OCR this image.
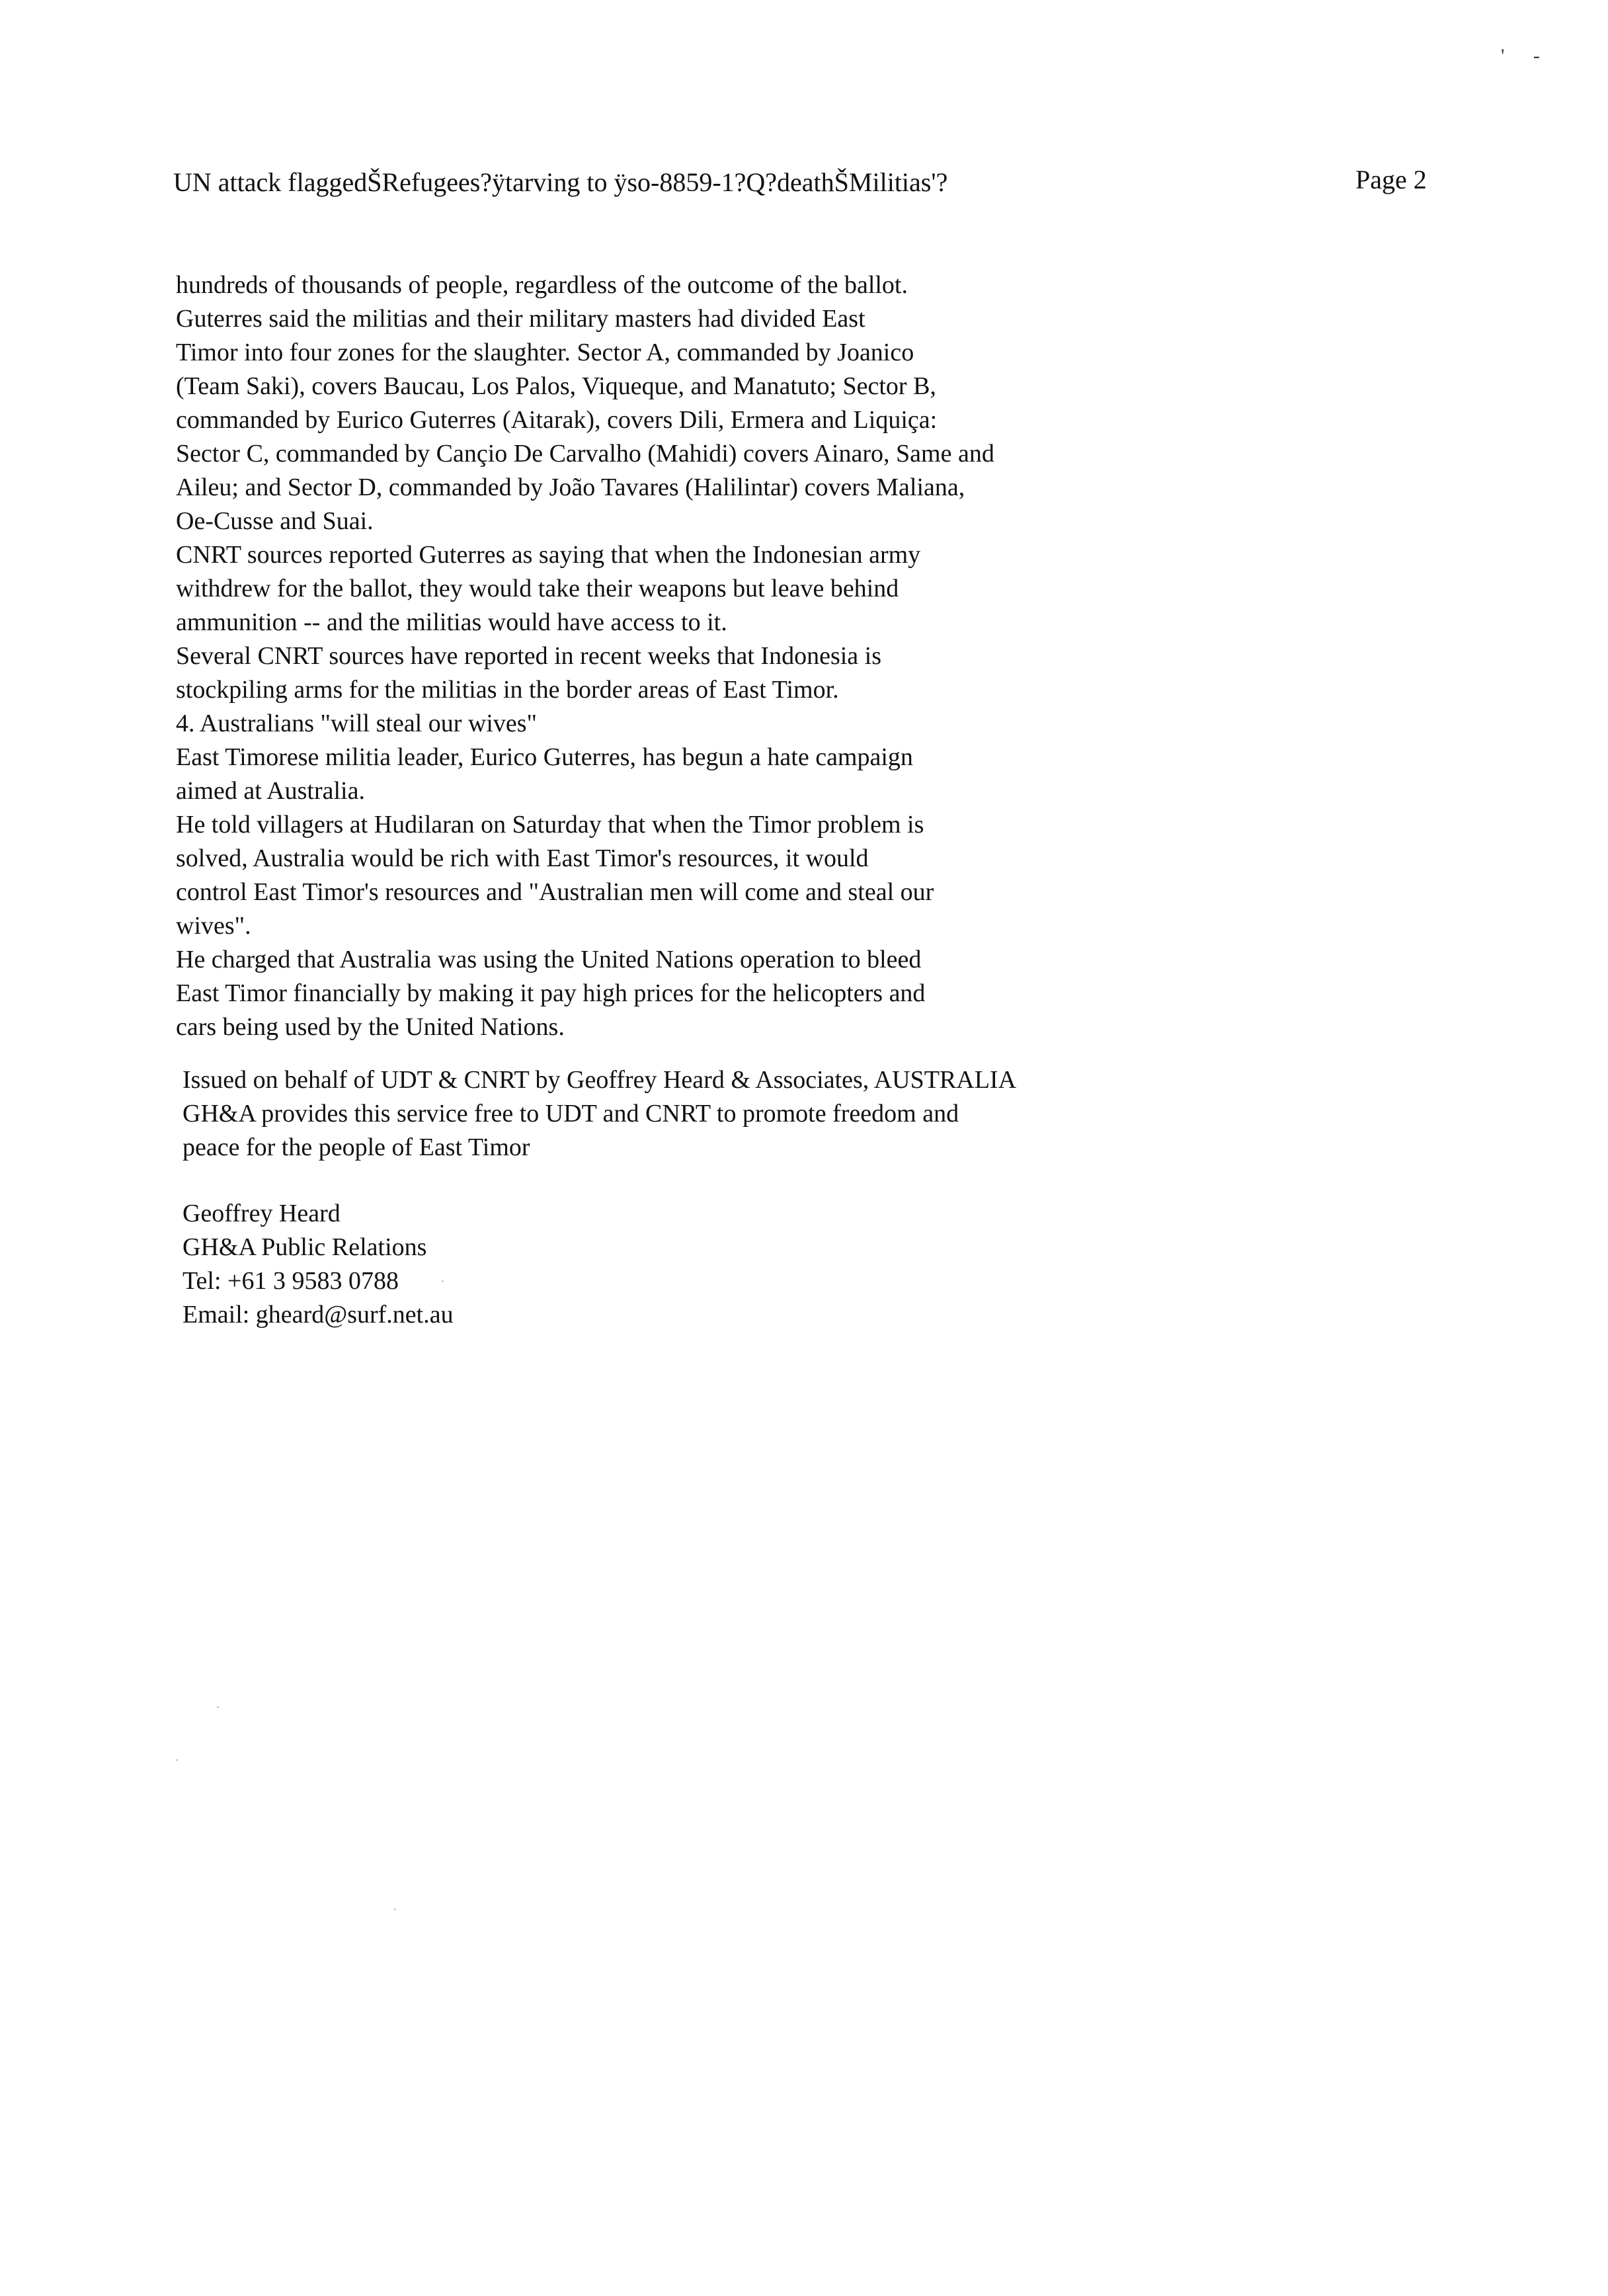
' -
UN attack flaggedŠRefugees?ÿtarving to ÿso-8859-1?Q?deathŠMilitias'?	Page 2
hundreds of thousands of people, regardless of the outcome of the ballot.
Guterres said the militias and their military masters had divided East
Timor into four zones for the slaughter. Sector A, commanded by Joanico
(Team Saki), covers Baucau, Los Palos, Viqueque, and Manatuto; Sector B,
commanded by Eurico Guterres (Aitarak), covers Dili, Ermera and Liquiça:
Sector C, commanded by Cançio De Carvalho (Mahidi) covers Ainaro, Same and
Aileu; and Sector D, commanded by João Tavares (Halilintar) covers Maliana,
Oe-Cusse and Suai.
CNRT sources reported Guterres as saying that when the Indonesian army
withdrew for the ballot, they would take their weapons but leave behind
ammunition -- and the militias would have access to it.
Several CNRT sources have reported in recent weeks that Indonesia is
stockpiling arms for the militias in the border areas of East Timor.
4. Australians "will steal our wives"
East Timorese militia leader, Eurico Guterres, has begun a hate campaign
aimed at Australia.
He told villagers at Hudilaran on Saturday that when the Timor problem is
solved, Australia would be rich with East Timor's resources, it would
control East Timor's resources and "Australian men will come and steal our
wives".
He charged that Australia was using the United Nations operation to bleed
East Timor financially by making it pay high prices for the helicopters and
cars being used by the United Nations.
Issued on behalf of UDT & CNRT by Geoffrey Heard & Associates, AUSTRALIA
GH&A provides this service free to UDT and CNRT to promote freedom and
peace for the people of East Timor
Geoffrey Heard
GH&A Public Relations
Tel: +61 3 9583 0788
Email: gheard@surf.net.au
